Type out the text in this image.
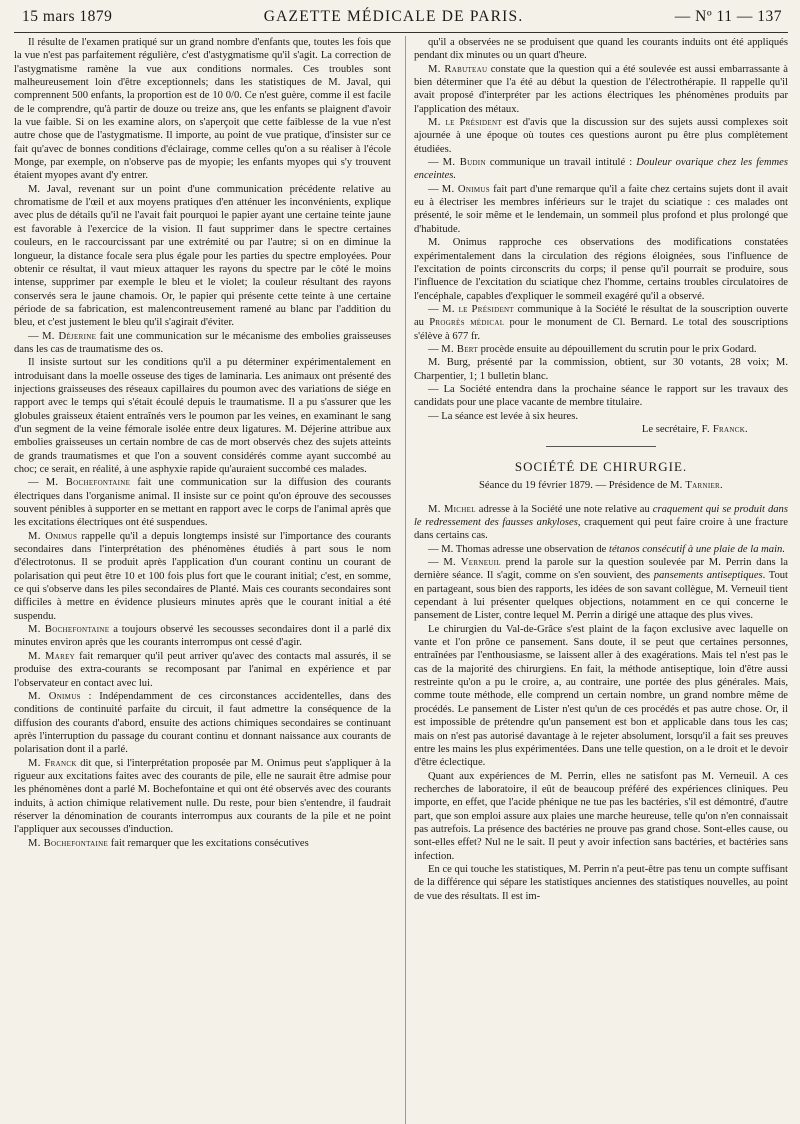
15 mars 1879	GAZETTE MÉDICALE DE PARIS.	— Nº 11 — 137

Il résulte de l'examen pratiqué sur un grand nombre d'enfants que, toutes les fois que la vue n'est pas parfaitement régulière, c'est d'astygmatisme qu'il s'agit. La correction de l'astygmatisme ramène la vue aux conditions normales. Ces troubles sont malheureusement loin d'être exceptionnels; dans les statistiques de M. Javal, qui comprennent 500 enfants, la proportion est de 10 0/0. Ce n'est guère, comme il est facile de le comprendre, qu'à partir de douze ou treize ans, que les enfants se plaignent d'avoir la vue faible. Si on les examine alors, on s'aperçoit que cette faiblesse de la vue n'est autre chose que de l'astygmatisme. Il importe, au point de vue pratique, d'insister sur ce fait qu'avec de bonnes conditions d'éclairage, comme celles qu'on a su réaliser à l'école Monge, par exemple, on n'observe pas de myopie; les enfants myopes qui s'y trouvent étaient myopes avant d'y entrer.

M. Javal, revenant sur un point d'une communication précédente relative au chromatisme de l'œil et aux moyens pratiques d'en atténuer les inconvénients, explique avec plus de détails qu'il ne l'avait fait pourquoi le papier ayant une certaine teinte jaune est favorable à l'exercice de la vision. Il faut supprimer dans le spectre certaines couleurs, en le raccourcissant par une extrémité ou par l'autre; si on en diminue la longueur, la distance focale sera plus égale pour les parties du spectre employées. Pour obtenir ce résultat, il vaut mieux attaquer les rayons du spectre par le côté le moins intense, supprimer par exemple le bleu et le violet; la couleur résultant des rayons conservés sera le jaune chamois. Or, le papier qui présente cette teinte à une certaine période de sa fabrication, est malencontreusement ramené au blanc par l'addition du bleu, et c'est justement le bleu qu'il s'agirait d'éviter.

— M. Déjerine fait une communication sur le mécanisme des embolies graisseuses dans les cas de traumatisme des os.

Il insiste surtout sur les conditions qu'il a pu déterminer expérimentalement en introduisant dans la moelle osseuse des tiges de laminaria. Les animaux ont présenté des injections graisseuses des réseaux capillaires du poumon avec des variations de siége en rapport avec le temps qui s'était écoulé depuis le traumatisme. Il a pu s'assurer que les globules graisseux étaient entraînés vers le poumon par les veines, en examinant le sang d'un segment de la veine fémorale isolée entre deux ligatures. M. Déjerine attribue aux embolies graisseuses un certain nombre de cas de mort observés chez des sujets atteints de grands traumatismes et que l'on a souvent considérés comme ayant succombé au choc; ce serait, en réalité, à une asphyxie rapide qu'auraient succombé ces malades.

— M. Bochefontaine fait une communication sur la diffusion des courants électriques dans l'organisme animal. Il insiste sur ce point qu'on éprouve des secousses souvent pénibles à supporter en se mettant en rapport avec le corps de l'animal après que les excitations électriques ont été suspendues.

M. Onimus rappelle qu'il a depuis longtemps insisté sur l'importance des courants secondaires dans l'interprétation des phénomènes étudiés à part sous le nom d'électrotonus. Il se produit après l'application d'un courant continu un courant de polarisation qui peut être 10 et 100 fois plus fort que le courant initial; c'est, en somme, ce qui s'observe dans les piles secondaires de Planté. Mais ces courants secondaires sont difficiles à mettre en évidence plusieurs minutes après que le courant initial a été suspendu.

M. Bochefontaine a toujours observé les secousses secondaires dont il a parlé dix minutes environ après que les courants interrompus ont cessé d'agir.

M. Marey fait remarquer qu'il peut arriver qu'avec des contacts mal assurés, il se produise des extra-courants se recomposant par l'animal en expérience et par l'observateur en contact avec lui.

M. Onimus : Indépendamment de ces circonstances accidentelles, dans des conditions de continuité parfaite du circuit, il faut admettre la conséquence de la diffusion des courants d'abord, ensuite des actions chimiques secondaires se continuant après l'interruption du passage du courant continu et donnant naissance aux courants de polarisation dont il a parlé.

M. Franck dit que, si l'interprétation proposée par M. Onimus peut s'appliquer à la rigueur aux excitations faites avec des courants de pile, elle ne saurait être admise pour les phénomènes dont a parlé M. Bochefontaine et qui ont été observés avec des courants induits, à action chimique relativement nulle. Du reste, pour bien s'entendre, il faudrait réserver la dénomination de courants interrompus aux courants de la pile et ne point l'appliquer aux secousses d'induction.

M. Bochefontaine fait remarquer que les excitations consécutives

qu'il a observées ne se produisent que quand les courants induits ont été appliqués pendant dix minutes ou un quart d'heure.

M. Rabuteau constate que la question qui a été soulevée est aussi embarrassante à bien déterminer que l'a été au début la question de l'électrothérapie. Il rappelle qu'il avait proposé d'interpréter par les actions électriques les phénomènes produits par l'application des métaux.

M. le Président est d'avis que la discussion sur des sujets aussi complexes soit ajournée à une époque où toutes ces questions auront pu être plus complètement étudiées.

— M. Budin communique un travail intitulé : Douleur ovarique chez les femmes enceintes.

— M. Onimus fait part d'une remarque qu'il a faite chez certains sujets dont il avait eu à électriser les membres inférieurs sur le trajet du sciatique : ces malades ont présenté, le soir même et le lendemain, un sommeil plus profond et plus prolongé que d'habitude.

M. Onimus rapproche ces observations des modifications constatées expérimentalement dans la circulation des régions éloignées, sous l'influence de l'excitation de points circonscrits du corps; il pense qu'il pourrait se produire, sous l'influence de l'excitation du sciatique chez l'homme, certains troubles circulatoires de l'encéphale, capables d'expliquer le sommeil exagéré qu'il a observé.

— M. le Président communique à la Société le résultat de la souscription ouverte au Progrès médical pour le monument de Cl. Bernard. Le total des souscriptions s'élève à 677 fr.

— M. Bert procède ensuite au dépouillement du scrutin pour le prix Godard.

M. Burg, présenté par la commission, obtient, sur 30 votants, 28 voix; M. Charpentier, 1; 1 bulletin blanc.

— La Société entendra dans la prochaine séance le rapport sur les travaux des candidats pour une place vacante de membre titulaire.

— La séance est levée à six heures.

Le secrétaire, F. Franck.
SOCIÉTÉ DE CHIRURGIE.
Séance du 19 février 1879. — Présidence de M. Tarnier.

M. Michel adresse à la Société une note relative au craquement qui se produit dans le redressement des fausses ankyloses, craquement qui peut faire croire à une fracture dans certains cas.

— M. Thomas adresse une observation de tétanos consécutif à une plaie de la main.

— M. Verneuil prend la parole sur la question soulevée par M. Perrin dans la dernière séance. Il s'agit, comme on s'en souvient, des pansements antiseptiques. Tout en partageant, sous bien des rapports, les idées de son savant collègue, M. Verneuil tient cependant à lui présenter quelques objections, notamment en ce qui concerne le pansement de Lister, contre lequel M. Perrin a dirigé une attaque des plus vives.

Le chirurgien du Val-de-Grâce s'est plaint de la façon exclusive avec laquelle on vante et l'on prône ce pansement. Sans doute, il se peut que certaines personnes, entraînées par l'enthousiasme, se laissent aller à des exagérations. Mais tel n'est pas le cas de la majorité des chirurgiens. En fait, la méthode antiseptique, loin d'être aussi restreinte qu'on a pu le croire, a, au contraire, une portée des plus générales. Mais, comme toute méthode, elle comprend un certain nombre, un grand nombre même de procédés. Le pansement de Lister n'est qu'un de ces procédés et pas autre chose. Or, il est impossible de prétendre qu'un pansement est bon et applicable dans tous les cas; mais on n'est pas autorisé davantage à le rejeter absolument, lorsqu'il a fait ses preuves entre les mains les plus expérimentées. Dans une telle question, on a le droit et le devoir d'être éclectique.

Quant aux expériences de M. Perrin, elles ne satisfont pas M. Verneuil. A ces recherches de laboratoire, il eût de beaucoup préféré des expériences cliniques. Peu importe, en effet, que l'acide phénique ne tue pas les bactéries, s'il est démontré, d'autre part, que son emploi assure aux plaies une marche heureuse, telle qu'on n'en connaissait pas autrefois. La présence des bactéries ne prouve pas grand chose. Sont-elles cause, ou sont-elles effet? Nul ne le sait. Il peut y avoir infection sans bactéries, et bactéries sans infection.

En ce qui touche les statistiques, M. Perrin n'a peut-être pas tenu un compte suffisant de la différence qui sépare les statistiques anciennes des statistiques nouvelles, au point de vue des résultats. Il est im-
